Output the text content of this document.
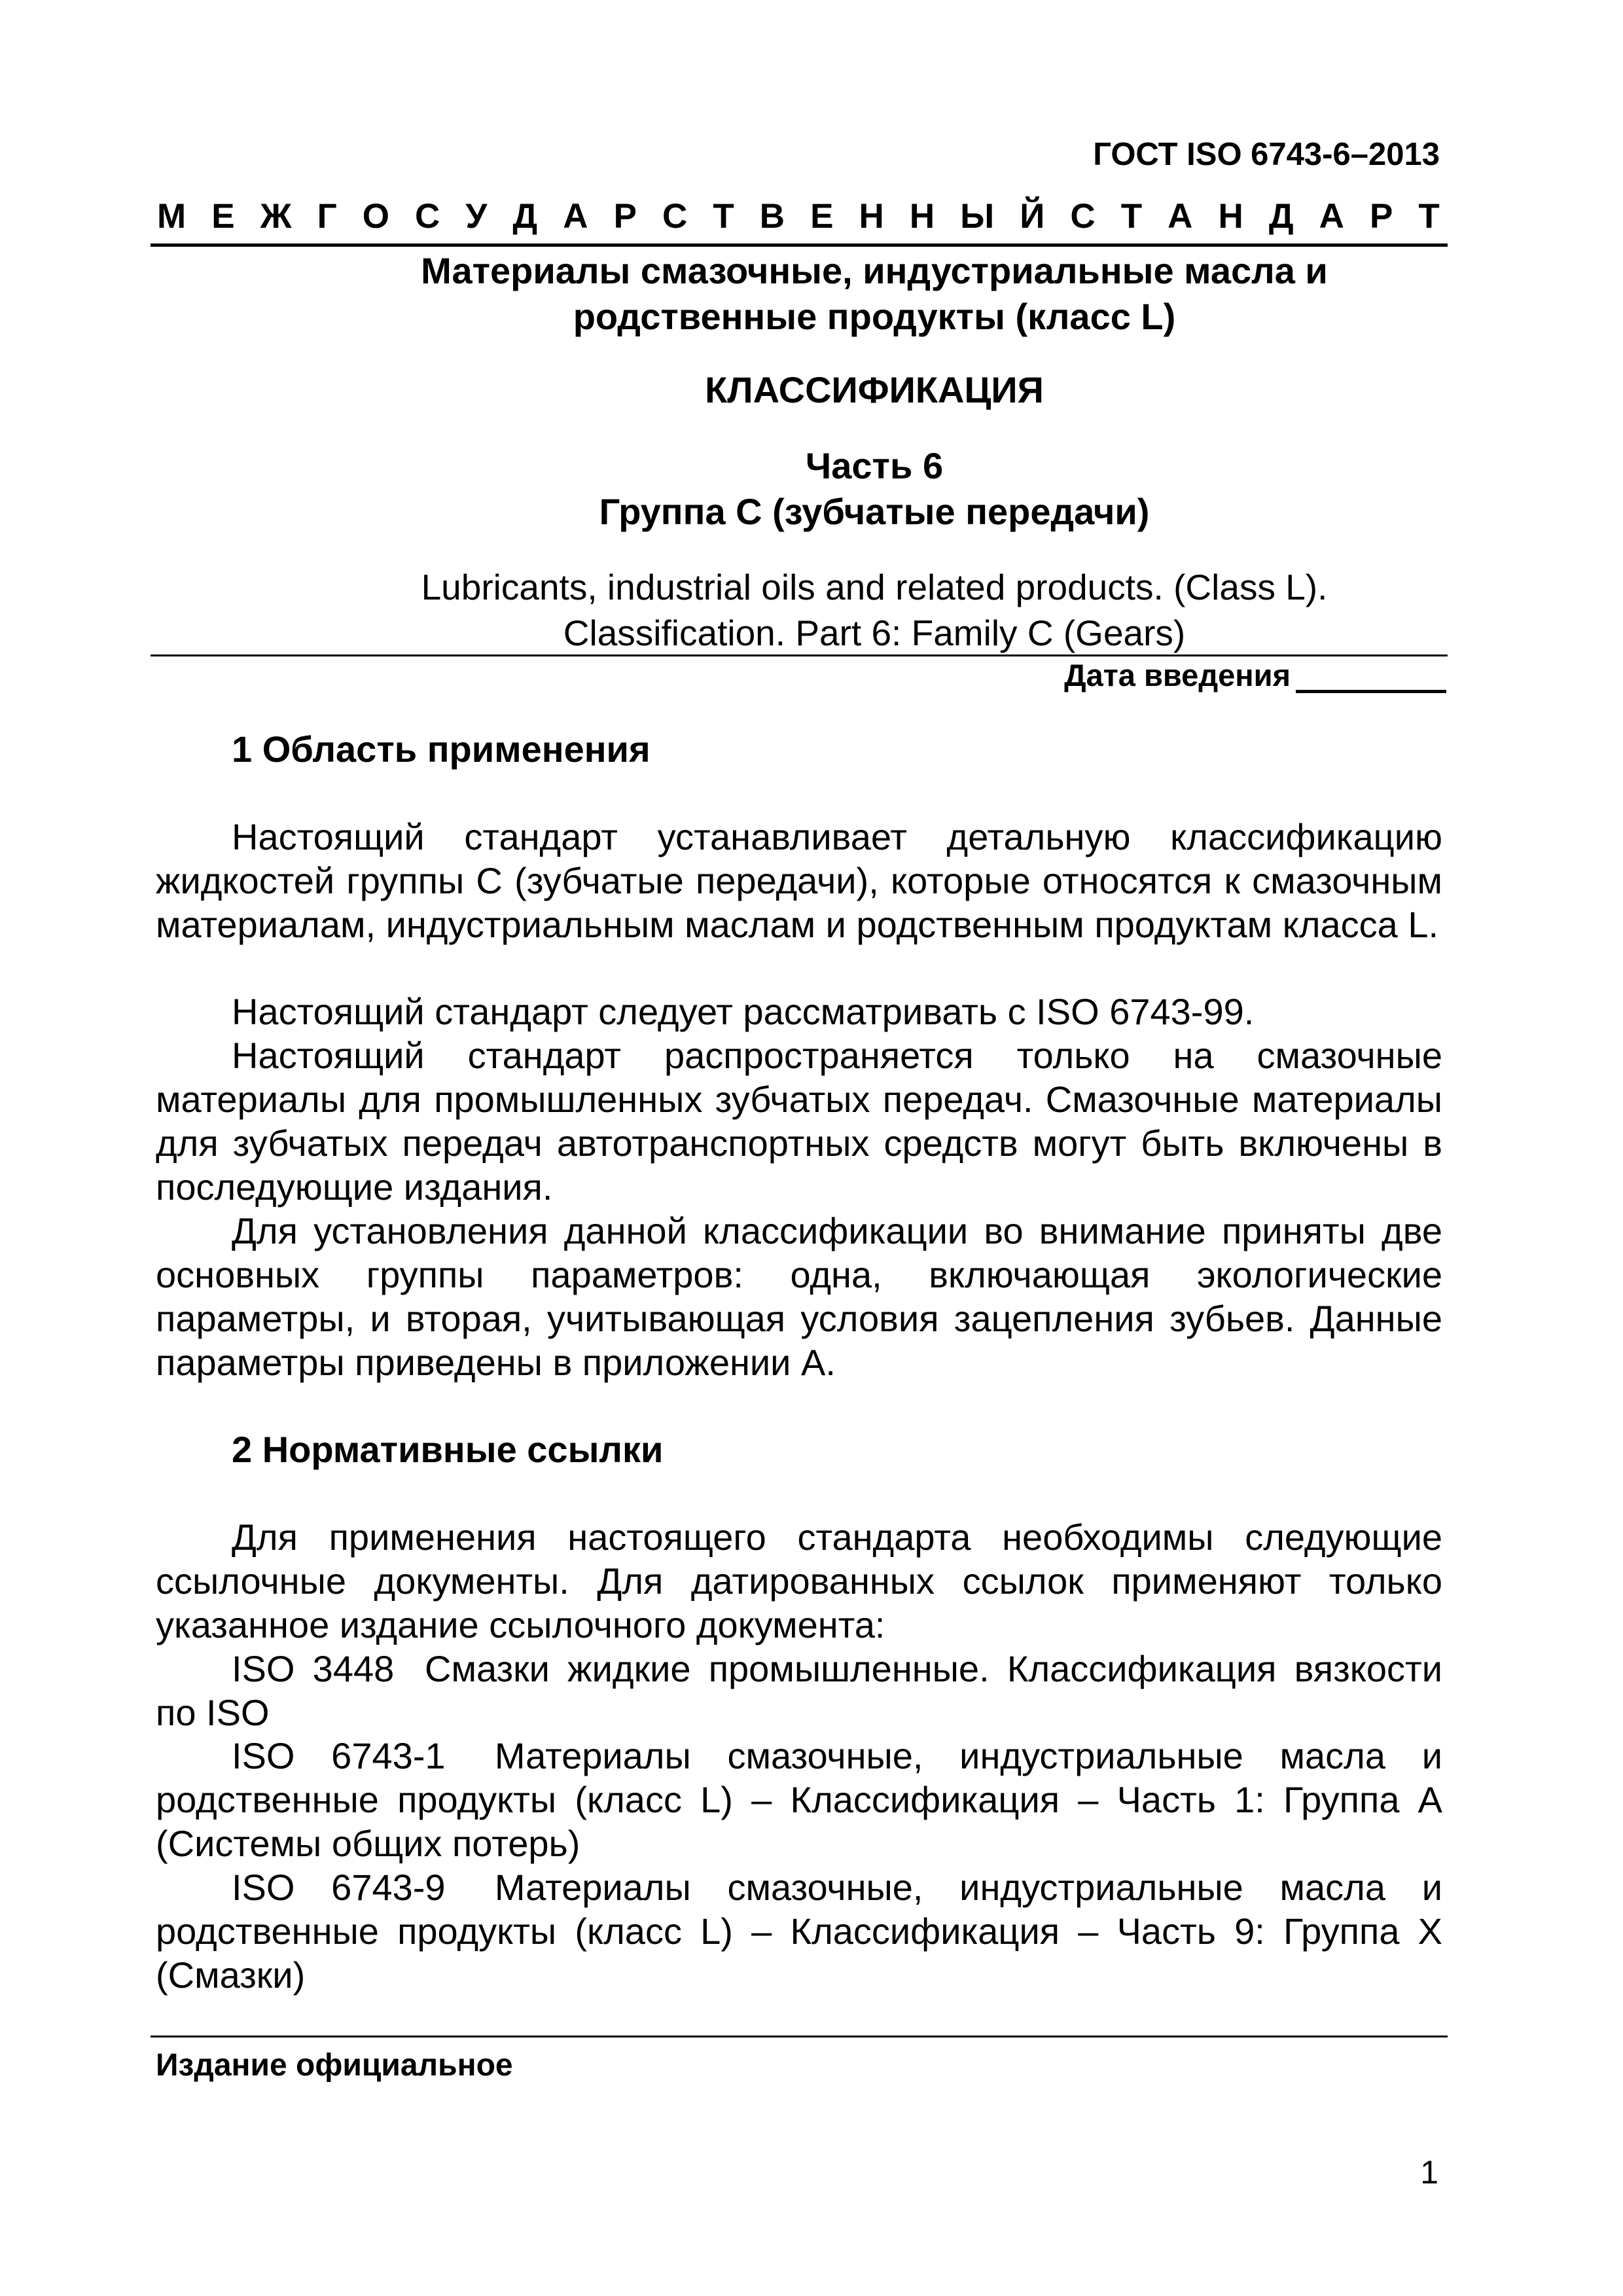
ГОСТ ISO 6743-6–2013
М Е Ж Г О С У Д А Р С Т В Е Н Н Ы Й С Т А Н Д А Р Т
Материалы смазочные, индустриальные масла и
родственные продукты (класс L)
КЛАССИФИКАЦИЯ
Часть 6
Группа С (зубчатые передачи)
Lubricants, industrial oils and related products. (Class L).
Classification. Part 6: Family C (Gears)
Дата введения
1 Область применения

Настоящий стандарт устанавливает детальную классификацию жидкостей группы С (зубчатые передачи), которые относятся к смазочным материалам, индустриальным маслам и родственным продуктам класса L.

Настоящий стандарт следует рассматривать с ISO 6743-99.

Настоящий стандарт распространяется только на смазочные материалы для промышленных зубчатых передач. Смазочные материалы для зубчатых передач автотранспортных средств могут быть включены в последующие издания.

Для установления данной классификации во внимание приняты две основных группы параметров: одна, включающая экологические параметры, и вторая, учитывающая условия зацепления зубьев. Данные параметры приведены в приложении А.

2 Нормативные ссылки

Для применения настоящего стандарта необходимы следующие ссылочные документы. Для датированных ссылок применяют только указанное издание ссылочного документа:

ISO 3448 Смазки жидкие промышленные. Классификация вязкости по ISO

ISO 6743-1 Материалы смазочные, индустриальные масла и родственные продукты (класс L) – Классификация – Часть 1: Группа А (Системы общих потерь)

ISO 6743-9 Материалы смазочные, индустриальные масла и родственные продукты (класс L) – Классификация – Часть 9: Группа Х (Смазки)

Издание официальное
1
